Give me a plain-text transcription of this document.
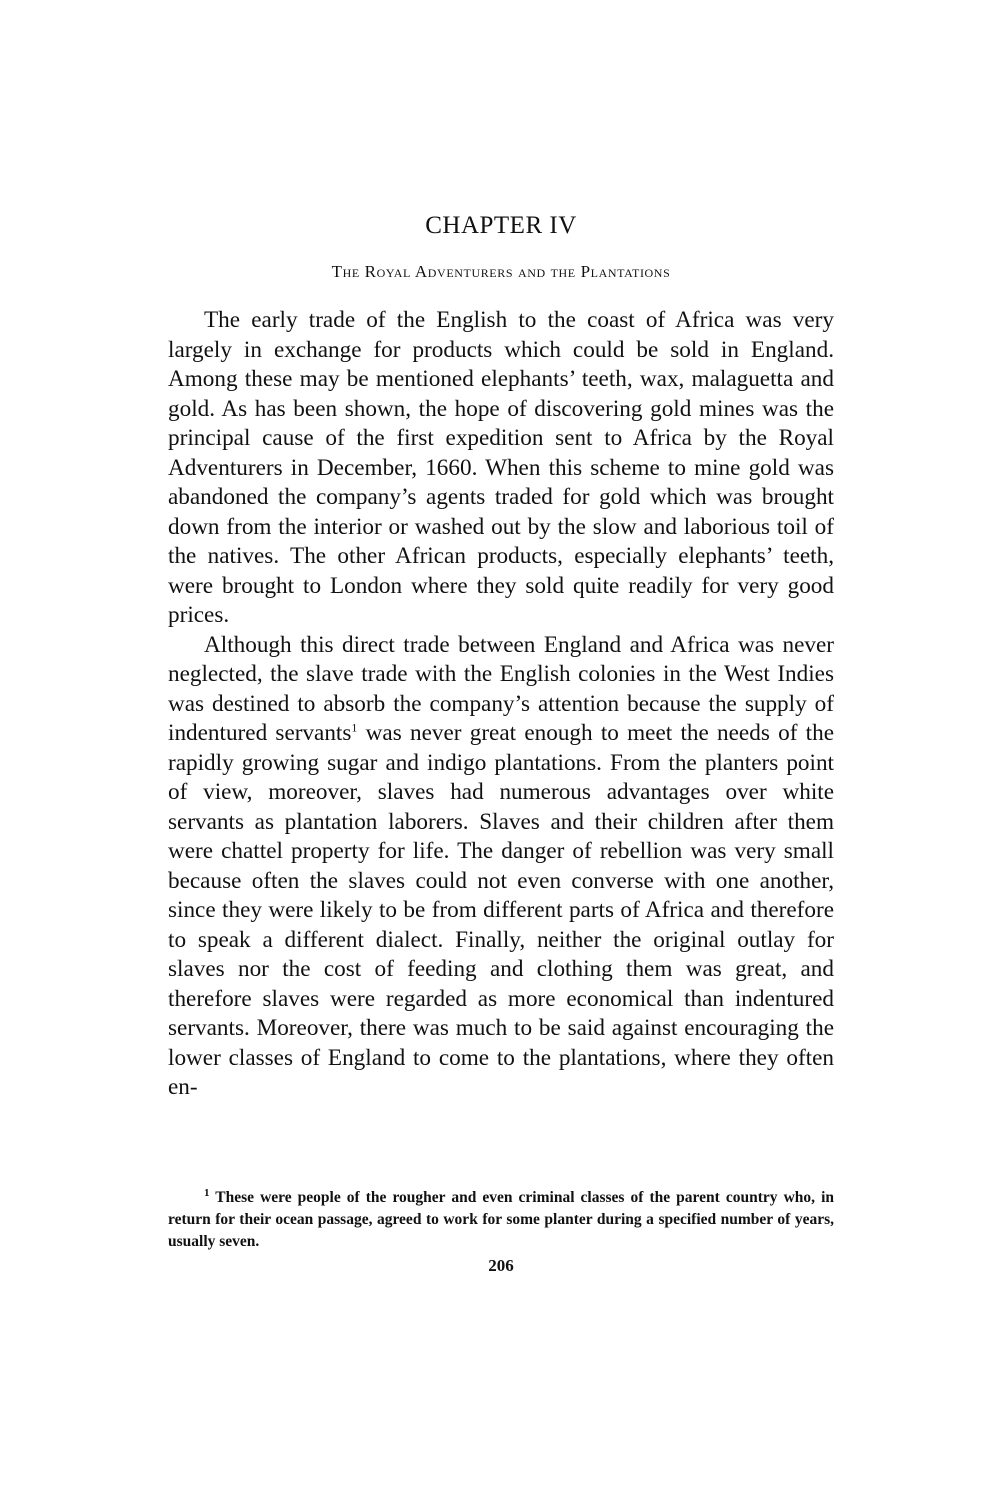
CHAPTER IV
The Royal Adventurers and the Plantations

The early trade of the English to the coast of Africa was very largely in exchange for products which could be sold in England. Among these may be mentioned elephants’ teeth, wax, malaguetta and gold. As has been shown, the hope of discovering gold mines was the principal cause of the first expedition sent to Africa by the Royal Adventurers in December, 1660. When this scheme to mine gold was abandoned the company’s agents traded for gold which was brought down from the interior or washed out by the slow and laborious toil of the natives. The other African products, especially elephants’ teeth, were brought to London where they sold quite readily for very good prices.

Although this direct trade between England and Africa was never neglected, the slave trade with the English colonies in the West Indies was destined to absorb the company’s attention because the supply of indentured servants$^1$ was never great enough to meet the needs of the rapidly growing sugar and indigo plantations. From the planters point of view, moreover, slaves had numerous advantages over white servants as plantation laborers. Slaves and their children after them were chattel property for life. The danger of rebellion was very small because often the slaves could not even converse with one another, since they were likely to be from different parts of Africa and therefore to speak a different dialect. Finally, neither the original outlay for slaves nor the cost of feeding and clothing them was great, and therefore slaves were regarded as more economical than indentured servants. Moreover, there was much to be said against encouraging the lower classes of England to come to the plantations, where they often en-

$^1$ These were people of the rougher and even criminal classes of the parent country who, in return for their ocean passage, agreed to work for some planter during a specified number of years, usually seven.

206
